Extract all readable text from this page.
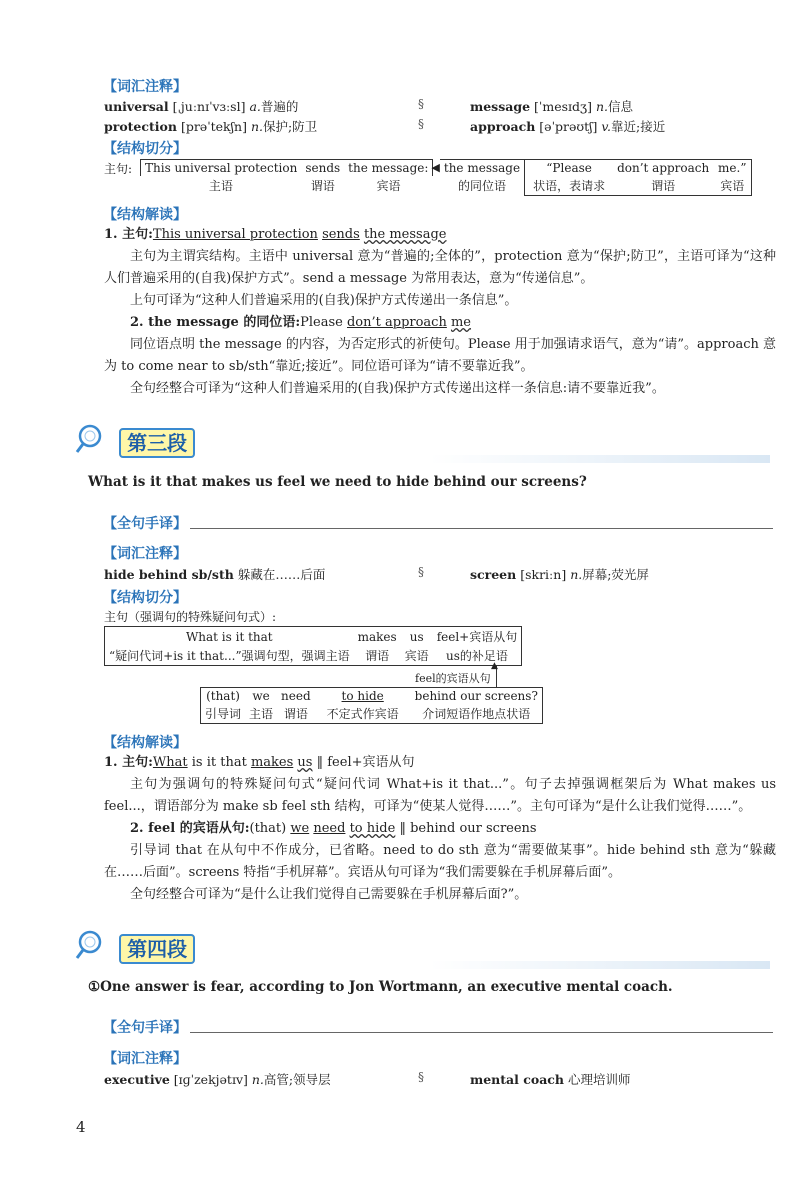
【词汇注释】
universal [ˌjuːnɪˈvɜːsl] a.普遍的	§	message [ˈmesɪdʒ] n.信息
protection [prəˈtekʃn] n.保护;防卫	§	approach [əˈprəʊtʃ] v.靠近;接近
【结构切分】
主句: This universal protection	sends	the message:
主语	谓语	宾语
◀ the message
的同位语
“Please	don’t approach	me.”
状语，表请求	谓语	宾语
【结构解读】

1. 主句:This universal protection sends the message

主句为主谓宾结构。主语中 universal 意为“普遍的;全体的”，protection 意为“保护;防卫”，主语可译为“这种人们普遍采用的(自我)保护方式”。send a message 为常用表达，意为“传递信息”。

上句可译为“这种人们普遍采用的(自我)保护方式传递出一条信息”。

2. the message 的同位语:Please don’t approach me

同位语点明 the message 的内容，为否定形式的祈使句。Please 用于加强请求语气，意为“请”。approach 意为 to come near to sb/sth“靠近;接近”。同位语可译为“请不要靠近我”。

全句经整合可译为“这种人们普遍采用的(自我)保护方式传递出这样一条信息:请不要靠近我”。

第三段
What is it that makes us feel we need to hide behind our screens?
【全句手译】
【词汇注释】
hide behind sb/sth 躲藏在……后面	§	screen [skriːn] n.屏幕;荧光屏
【结构切分】
主句（强调句的特殊疑问句式）:
What is it that	makes	us	feel+宾语从句
“疑问代词+is it that...”强调句型，强调主语	谓语	宾语	us的补足语
▲
feel的宾语从句
(that)	we	need	to hide	behind our screens?
引导词	主语	谓语	不定式作宾语	介词短语作地点状语
【结构解读】

1. 主句:What is it that makes us ‖ feel+宾语从句

主句为强调句的特殊疑问句式“疑问代词 What+is it that...”。句子去掉强调框架后为 What makes us feel...，谓语部分为 make sb feel sth 结构，可译为“使某人觉得……”。主句可译为“是什么让我们觉得……”。

2. feel 的宾语从句:(that) we need to hide ‖ behind our screens

引导词 that 在从句中不作成分，已省略。need to do sth 意为“需要做某事”。hide behind sth 意为“躲藏在……后面”。screens 特指“手机屏幕”。宾语从句可译为“我们需要躲在手机屏幕后面”。

全句经整合可译为“是什么让我们觉得自己需要躲在手机屏幕后面?”。

第四段
①One answer is fear, according to Jon Wortmann, an executive mental coach.
【全句手译】
【词汇注释】
executive [ɪɡˈzekjətɪv] n.高管;领导层	§	mental coach 心理培训师
4
